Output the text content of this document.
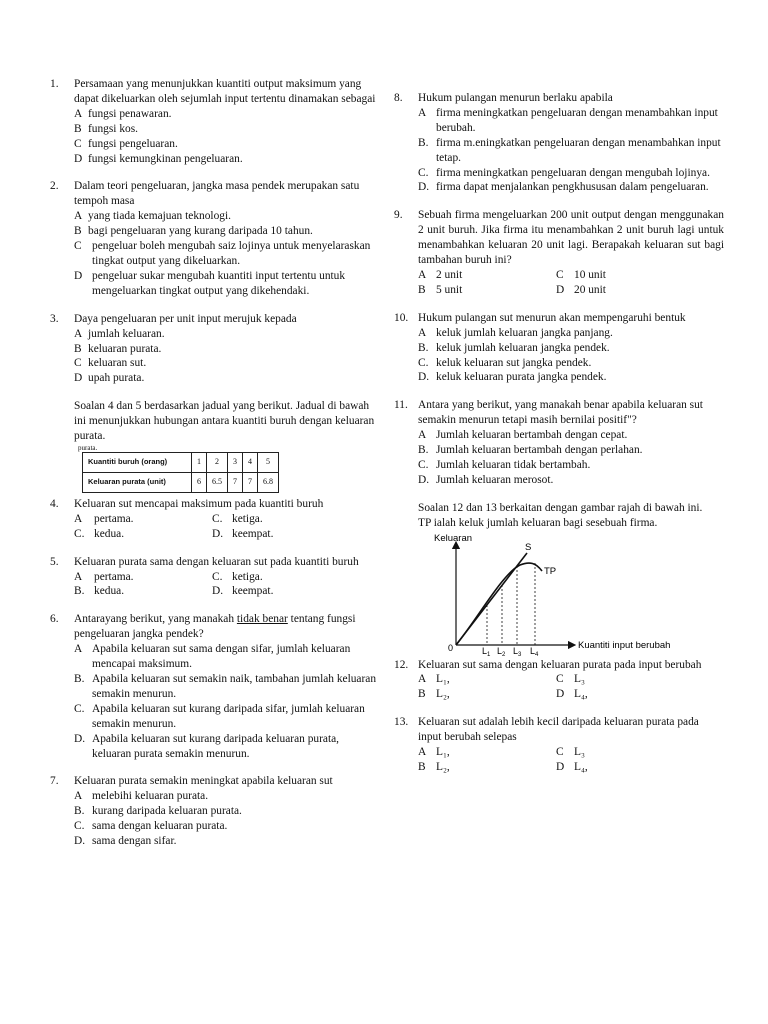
1. Persamaan yang menunjukkan kuantiti output maksimum yang dapat dikeluarkan oleh sejumlah input tertentu dinamakan sebagai
A fungsi penawaran.
B fungsi kos.
C fungsi pengeluaran.
D fungsi kemungkinan pengeluaran.
2. Dalam teori pengeluaran, jangka masa pendek merupakan satu tempoh masa
A yang tiada kemajuan teknologi.
B bagi pengeluaran yang kurang daripada 10 tahun.
C pengeluar boleh mengubah saiz lojinya untuk menyelaraskan tingkat output yang dikeluarkan.
D pengeluar sukar mengubah kuantiti input tertentu untuk mengeluarkan tingkat output yang dikehendaki.
3. Daya pengeluaran per unit input merujuk kepada
A jumlah keluaran.
B keluaran purata.
C keluaran sut.
D upah purata.
Soalan 4 dan 5 berdasarkan jadual yang berikut. Jadual di bawah ini menunjukkan hubungan antara kuantiti buruh dengan keluaran purata.
purata.
Kuantiti buruh (orang)	1	2	3	4	5
Keluaran purata (unit)	6	6.5	7	7	6.8
4. Keluaran sut mencapai maksimum pada kuantiti buruh
A	pertama.	C. ketiga.
C. kedua.	D. keempat.
5. Keluaran purata sama dengan keluaran sut pada kuantiti buruh
A	pertama.	C. ketiga.
B. kedua.	D. keempat.
6. Antarayang berikut, yang manakah tidak benar tentang fungsi pengeluaran jangka pendek?
A Apabila keluaran sut sama dengan sifar, jumlah keluaran mencapai maksimum.
B. Apabila keluaran sut semakin naik, tambahan jumlah keluaran semakin menurun.
C. Apabila keluaran sut kurang daripada sifar, jumlah keluaran semakin menurun.
D. Apabila keluaran sut kurang daripada keluaran purata, keluaran purata semakin menurun.
7. Keluaran purata semakin meningkat apabila keluaran sut
A melebihi keluaran purata.
B. kurang daripada keluaran purata.
C. sama dengan keluaran purata.
D. sama dengan sifar.
8. Hukum pulangan menurun berlaku apabila
A firma meningkatkan pengeluaran dengan menambahkan input berubah.
B. firma m.eningkatkan pengeluaran dengan menambahkan input tetap.
C. firma meningkatkan pengeluaran dengan mengubah lojinya.
D. firma dapat menjalankan pengkhususan dalam pengeluaran.
9. Sebuah firma mengeluarkan 200 unit output dengan menggunakan 2 unit buruh. Jika firma itu menambahkan 2 unit buruh lagi untuk menambahkan keluaran 20 unit lagi. Berapakah keluaran sut bagi tambahan buruh ini?
A 2 unit	C 10 unit
B 5 unit	D 20 unit
10. Hukum pulangan sut menurun akan mempengaruhi bentuk
A keluk jumlah keluaran jangka panjang.
B. keluk jumlah keluaran jangka pendek.
C. keluk keluaran sut jangka pendek.
D. keluk keluaran purata jangka pendek.
11. Antara yang berikut, yang manakah benar apabila keluaran sut semakin menurun tetapi masih bernilai positif"?
A Jumlah keluaran bertambah dengan cepat.
B. Jumlah keluaran bertambah dengan perlahan.
C. Jumlah keluaran tidak bertambah.
D. Jumlah keluaran merosot.
Soalan 12 dan 13 berkaitan dengan gambar rajah di bawah ini.
TP ialah keluk jumlah keluaran bagi sesebuah firma.
Keluaran
Kuantiti input berubah
0
S
TP
$L_1$ $L_2$ $L_3$ $L_4$
12. Keluaran sut sama dengan keluaran purata pada input berubah
A L₁,	C L₃
B L₂,	D L₄,
13. Keluaran sut adalah lebih kecil daripada keluaran purata pada input berubah selepas
A L₁,	C L₃
B L₂,	D L₄,
